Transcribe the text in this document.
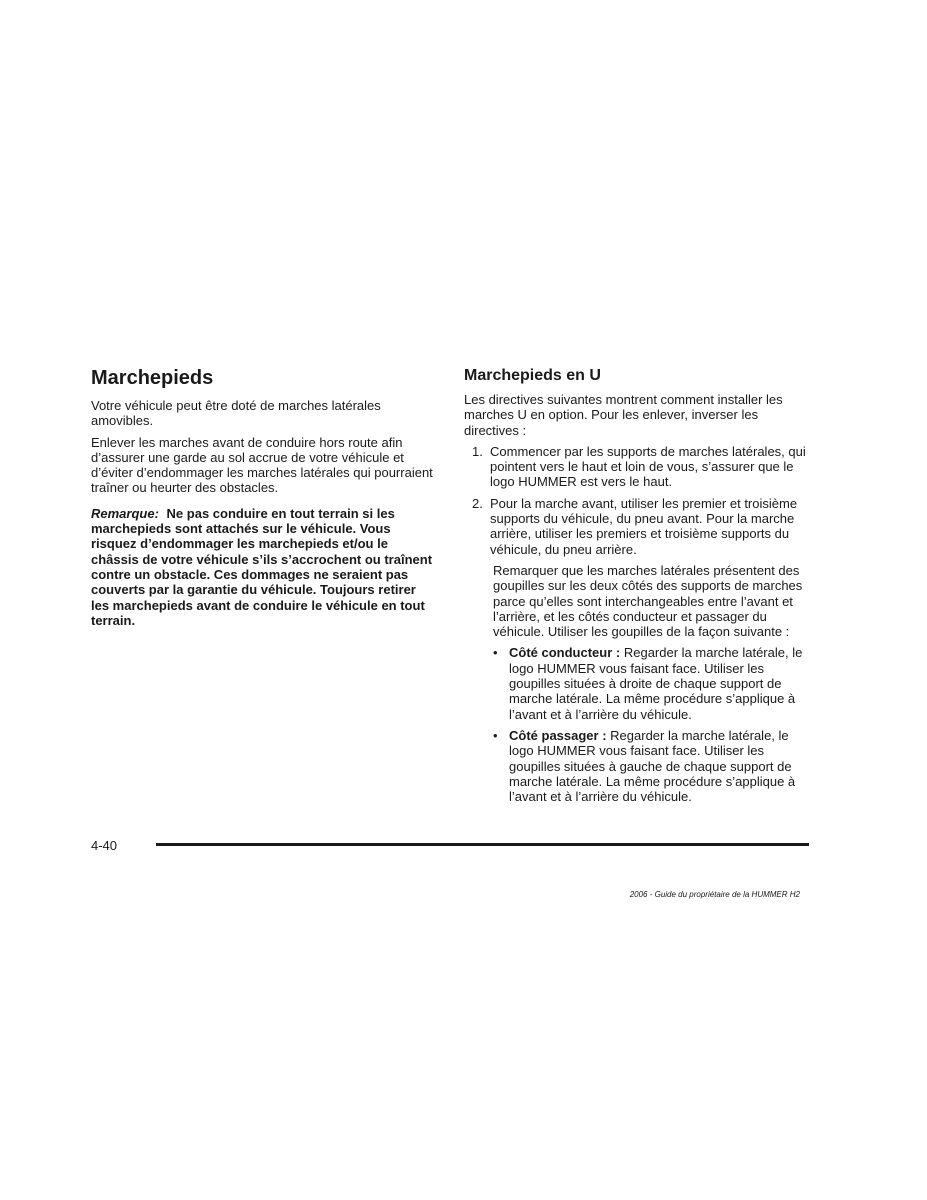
Marchepieds

Votre véhicule peut être doté de marches latérales amovibles.

Enlever les marches avant de conduire hors route afin d’assurer une garde au sol accrue de votre véhicule et d’éviter d’endommager les marches latérales qui pourraient traîner ou heurter des obstacles.

Remarque: Ne pas conduire en tout terrain si les marchepieds sont attachés sur le véhicule. Vous risquez d’endommager les marchepieds et/ou le châssis de votre véhicule s’ils s’accrochent ou traînent contre un obstacle. Ces dommages ne seraient pas couverts par la garantie du véhicule. Toujours retirer les marchepieds avant de conduire le véhicule en tout terrain.

Marchepieds en U

Les directives suivantes montrent comment installer les marches U en option. Pour les enlever, inverser les directives :

1. Commencer par les supports de marches latérales, qui pointent vers le haut et loin de vous, s’assurer que le logo HUMMER est vers le haut.
2. Pour la marche avant, utiliser les premier et troisième supports du véhicule, du pneu avant. Pour la marche arrière, utiliser les premiers et troisième supports du véhicule, du pneu arrière.

Remarquer que les marches latérales présentent des goupilles sur les deux côtés des supports de marches parce qu’elles sont interchangeables entre l’avant et l’arrière, et les côtés conducteur et passager du véhicule. Utiliser les goupilles de la façon suivante :

• Côté conducteur : Regarder la marche latérale, le logo HUMMER vous faisant face. Utiliser les goupilles situées à droite de chaque support de marche latérale. La même procédure s’applique à l’avant et à l’arrière du véhicule.
• Côté passager : Regarder la marche latérale, le logo HUMMER vous faisant face. Utiliser les goupilles situées à gauche de chaque support de marche latérale. La même procédure s’applique à l’avant et à l’arrière du véhicule.
4-40
2006 - Guide du propriétaire de la HUMMER H2
